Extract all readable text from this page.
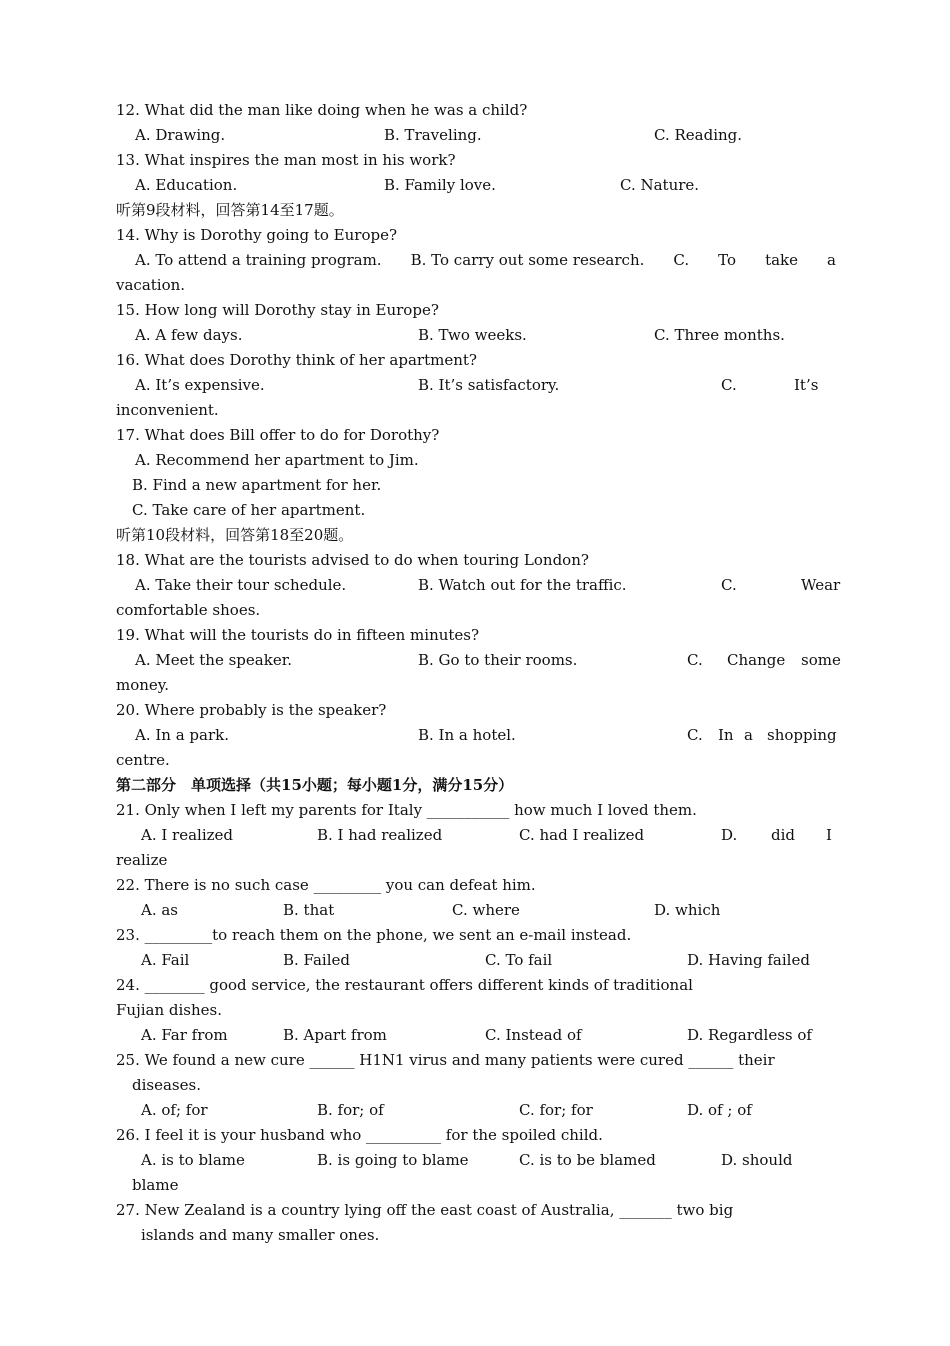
12. What did the man like doing when he was a child?

A. Drawing.

	B. Traveling.

	C. Reading.

13. What inspires the man most in his work?

A. Education.

	B. Family love.

	C. Nature.

听第9段材料，回答第14至17题。
14. Why is Dorothy going to Europe?
A. To attend a training program. B. To carry out some research. C. To take a
vacation.
15. How long will Dorothy stay in Europe?

A. A few days.

	B. Two weeks.

	C. Three months.

16. What does Dorothy think of her apartment?

A. It’s expensive.

	B. It’s satisfactory.

	C.

	It’s

inconvenient.
17. What does Bill offer to do for Dorothy?
A. Recommend her apartment to Jim.
B. Find a new apartment for her.
C. Take care of her apartment.
听第10段材料，回答第18至20题。
18. What are the tourists advised to do when touring London?

A. Take their tour schedule.

	B. Watch out for the traffic.

	C.

	Wear

comfortable shoes.
19. What will the tourists do in fifteen minutes?

A. Meet the speaker.

	B. Go to their rooms.

	C.

Change

some

money.
20. Where probably is the speaker?

A. In a park.

	B. In a hotel.

	C.

In

a

shopping

centre.
第二部分　单项选择（共15小题；每小题1分，满分15分）
21. Only when I left my parents for Italy ___________ how much I loved them.

A. I realized

	B. I had realized

	C. had I realized

	D.

did

I

realize
22. There is no such case _________ you can defeat him.

A. as

	B. that

	C. where

	D. which

23. _________to reach them on the phone, we sent an e-mail instead.

A. Fail

	B. Failed

	C. To fail

	D. Having failed

24. ________ good service, the restaurant offers different kinds of traditional
Fujian dishes.

A. Far from

	B. Apart from

	C. Instead of

	D. Regardless of

25. We found a new cure ______ H1N1 virus and many patients were cured ______ their
diseases.

A. of; for

	B. for; of

	C. for; for

	D. of ; of

26. I feel it is your husband who __________ for the spoiled child.

A. is to blame

	B. is going to blame

	C. is to be blamed

	D. should

blame
27. New Zealand is a country lying off the east coast of Australia, _______ two big
islands and many smaller ones.
